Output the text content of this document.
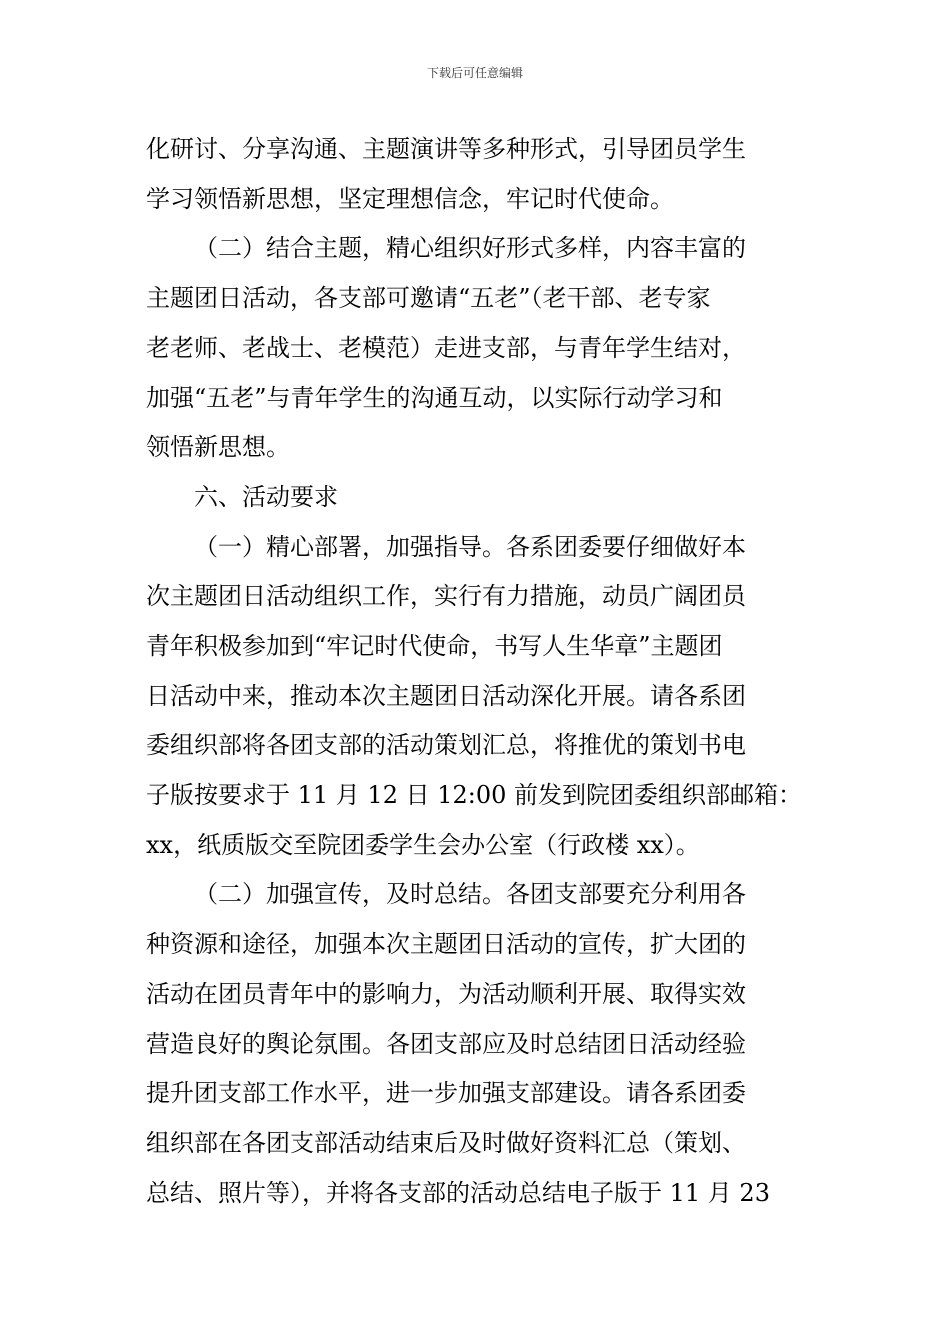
下载后可任意编辑
化研讨、分享沟通、主题演讲等多种形式，引导团员学生
学习领悟新思想，坚定理想信念，牢记时代使命。
（二）结合主题，精心组织好形式多样，内容丰富的
主题团日活动，各支部可邀请“五老”（老干部、老专家
老老师、老战士、老模范）走进支部，与青年学生结对，
加强“五老”与青年学生的沟通互动，以实际行动学习和
领悟新思想。
六、活动要求
（一）精心部署，加强指导。各系团委要仔细做好本
次主题团日活动组织工作，实行有力措施，动员广阔团员
青年积极参加到“牢记时代使命，书写人生华章”主题团
日活动中来，推动本次主题团日活动深化开展。请各系团
委组织部将各团支部的活动策划汇总，将推优的策划书电
子版按要求于 11 月 12 日 12:00 前发到院团委组织部邮箱：
xx，纸质版交至院团委学生会办公室（行政楼 xx）。
（二）加强宣传，及时总结。各团支部要充分利用各
种资源和途径，加强本次主题团日活动的宣传，扩大团的
活动在团员青年中的影响力，为活动顺利开展、取得实效
营造良好的舆论氛围。各团支部应及时总结团日活动经验
提升团支部工作水平，进一步加强支部建设。请各系团委
组织部在各团支部活动结束后及时做好资料汇总（策划、
总结、照片等），并将各支部的活动总结电子版于 11 月 23
